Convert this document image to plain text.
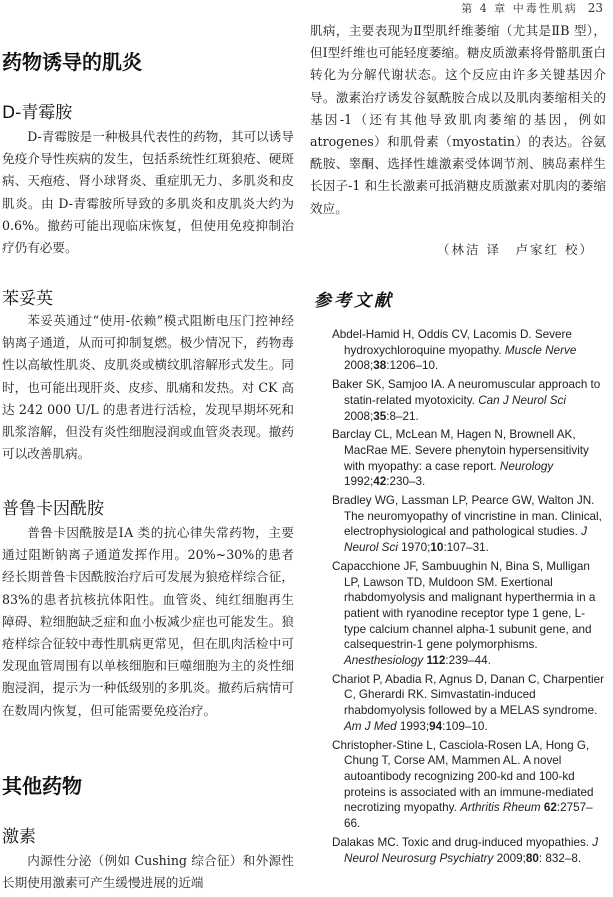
第 4 章 中毒性肌病 23
药物诱导的肌炎
D-青霉胺
D-青霉胺是一种极具代表性的药物，其可以诱导免疫介导性疾病的发生，包括系统性红斑狼疮、硬斑病、天疱疮、肾小球肾炎、重症肌无力、多肌炎和皮肌炎。由 D-青霉胺所导致的多肌炎和皮肌炎大约为 0.6%。撤药可能出现临床恢复，但使用免疫抑制治疗仍有必要。
苯妥英
苯妥英通过“使用-依赖”模式阻断电压门控神经钠离子通道，从而可抑制复燃。极少情况下，药物毒性以高敏性肌炎、皮肌炎或横纹肌溶解形式发生。同时，也可能出现肝炎、皮疹、肌痛和发热。对 CK 高达 242 000 U/L 的患者进行活检，发现早期坏死和肌浆溶解，但没有炎性细胞浸润或血管炎表现。撤药可以改善肌病。
普鲁卡因酰胺
普鲁卡因酰胺是ⅠA 类的抗心律失常药物，主要通过阻断钠离子通道发挥作用。20%~30%的患者经长期普鲁卡因酰胺治疗后可发展为狼疮样综合征，83%的患者抗核抗体阳性。血管炎、纯红细胞再生障碍、粒细胞缺乏症和血小板减少症也可能发生。狼疮样综合征较中毒性肌病更常见，但在肌肉活检中可发现血管周围有以单核细胞和巨噬细胞为主的炎性细胞浸润，提示为一种低级别的多肌炎。撤药后病情可在数周内恢复，但可能需要免疫治疗。
其他药物
激素
内源性分泌（例如 Cushing 综合征）和外源性长期使用激素可产生缓慢进展的近端
肌病，主要表现为Ⅱ型肌纤维萎缩（尤其是ⅡB 型），但Ⅰ型纤维也可能轻度萎缩。糖皮质激素将骨骼肌蛋白转化为分解代谢状态。这个反应由许多关键基因介导。激素治疗诱发谷氨酰胺合成以及肌肉萎缩相关的基因-1（还有其他导致肌肉萎缩的基因，例如 atrogenes）和肌骨素（myostatin）的表达。谷氨酰胺、睾酮、选择性雄激素受体调节剂、胰岛素样生长因子-1 和生长激素可抵消糖皮质激素对肌肉的萎缩效应。
（林洁 译　卢家红 校）
参考文献
Abdel-Hamid H, Oddis CV, Lacomis D. Severe hydroxychloroquine myopathy. Muscle Nerve 2008;38:1206–10.
Baker SK, Samjoo IA. A neuromuscular approach to statin-related myotoxicity. Can J Neurol Sci 2008;35:8–21.
Barclay CL, McLean M, Hagen N, Brownell AK, MacRae ME. Severe phenytoin hypersensitivity with myopathy: a case report. Neurology 1992;42:230–3.
Bradley WG, Lassman LP, Pearce GW, Walton JN. The neuromyopathy of vincristine in man. Clinical, electrophysiological and pathological studies. J Neurol Sci 1970;10:107–31.
Capacchione JF, Sambuughin N, Bina S, Mulligan LP, Lawson TD, Muldoon SM. Exertional rhabdomyolysis and malignant hyperthermia in a patient with ryanodine receptor type 1 gene, L-type calcium channel alpha-1 subunit gene, and calsequestrin-1 gene polymorphisms. Anesthesiology 112:239–44.
Chariot P, Abadia R, Agnus D, Danan C, Charpentier C, Gherardi RK. Simvastatin-induced rhabdomyolysis followed by a MELAS syndrome. Am J Med 1993;94:109–10.
Christopher-Stine L, Casciola-Rosen LA, Hong G, Chung T, Corse AM, Mammen AL. A novel autoantibody recognizing 200-kd and 100-kd proteins is associated with an immune-mediated necrotizing myopathy. Arthritis Rheum 62:2757–66.
Dalakas MC. Toxic and drug-induced myopathies. J Neurol Neurosurg Psychiatry 2009;80: 832–8.
